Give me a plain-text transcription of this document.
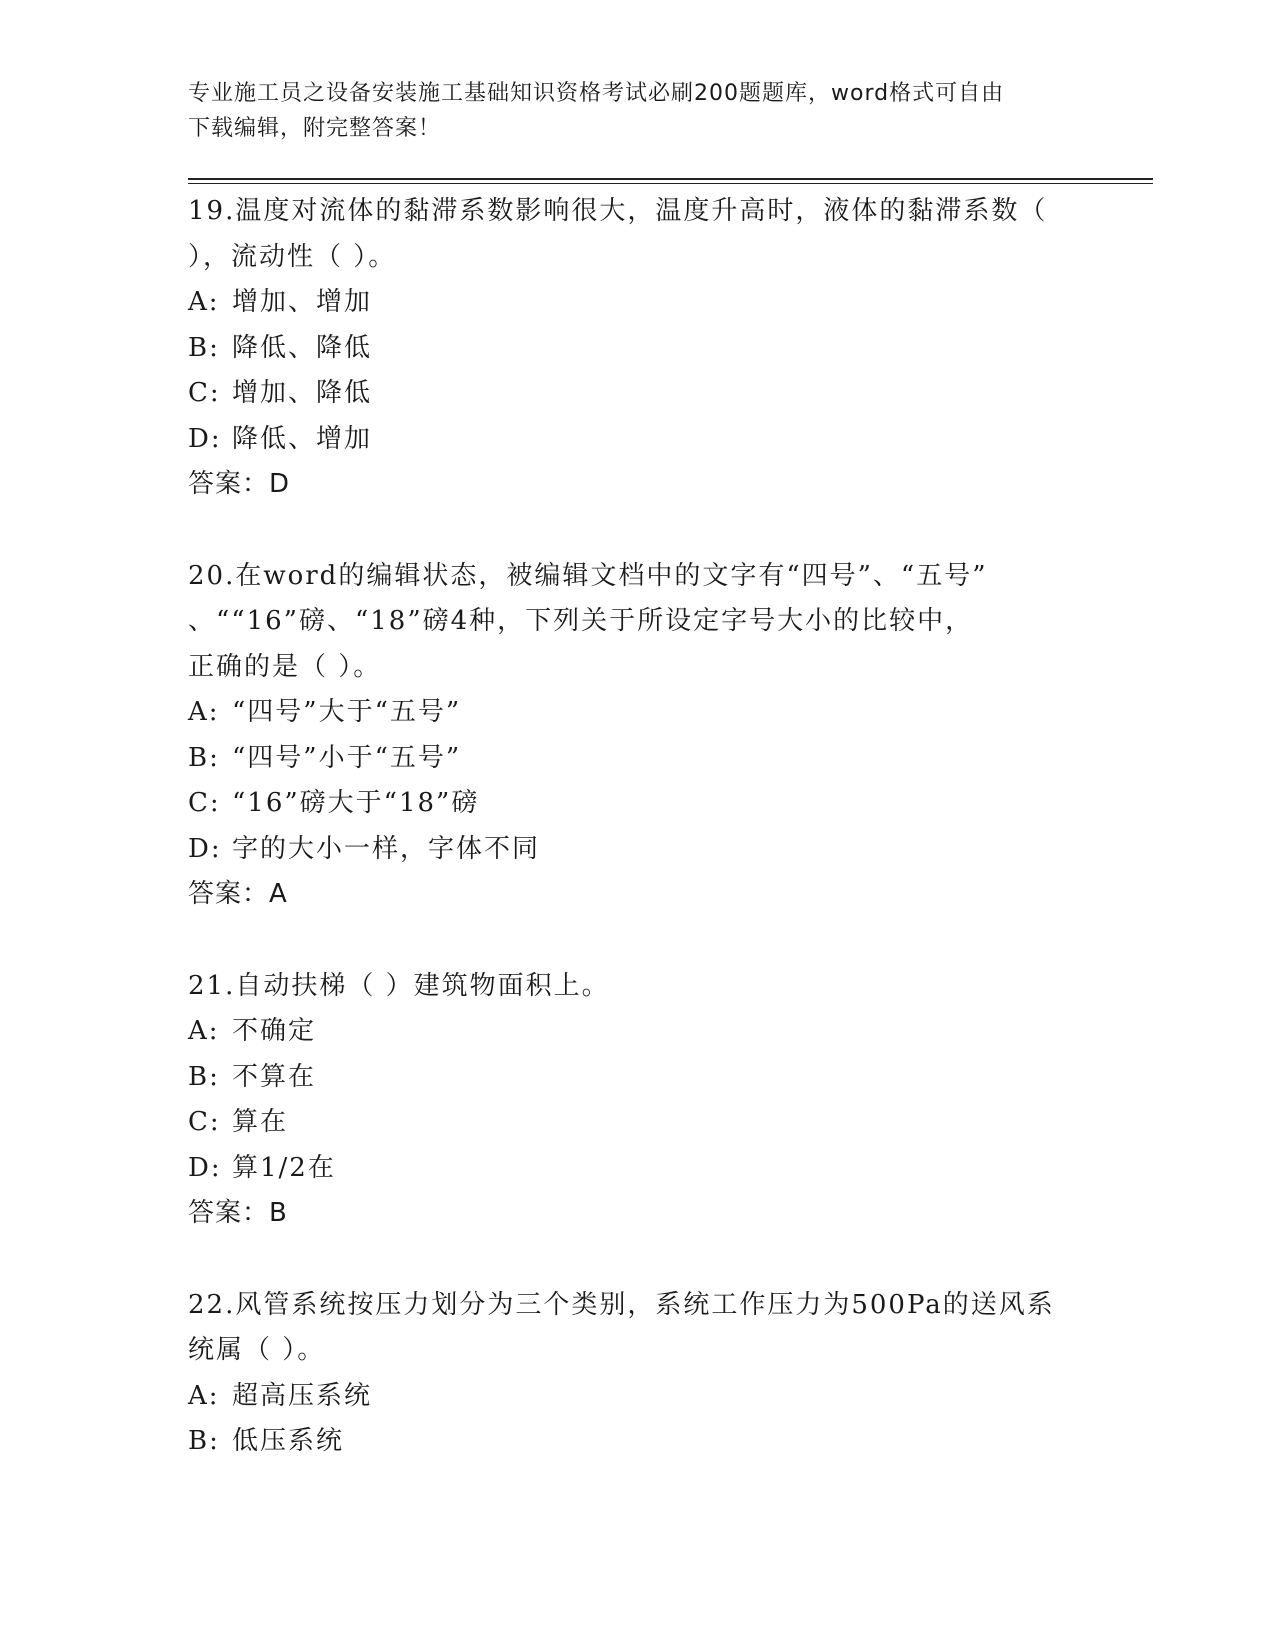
专业施工员之设备安装施工基础知识资格考试必刷200题题库，word格式可自由
下载编辑，附完整答案！
19.温度对流体的黏滞系数影响很大，温度升高时，液体的黏滞系数（
），流动性（ ）。
A: 增加、增加
B: 降低、降低
C: 增加、降低
D: 降低、增加
答案：D
20.在word的编辑状态，被编辑文档中的文字有“四号”、“五号”
、““16”磅、“18”磅4种，下列关于所设定字号大小的比较中，
正确的是（ ）。
A: “四号”大于“五号”
B: “四号”小于“五号”
C: “16”磅大于“18”磅
D: 字的大小一样，字体不同
答案：A
21.自动扶梯（ ）建筑物面积上。
A: 不确定
B: 不算在
C: 算在
D: 算1/2在
答案：B
22.风管系统按压力划分为三个类别，系统工作压力为500Pa的送风系
统属（ ）。
A: 超高压系统
B: 低压系统
